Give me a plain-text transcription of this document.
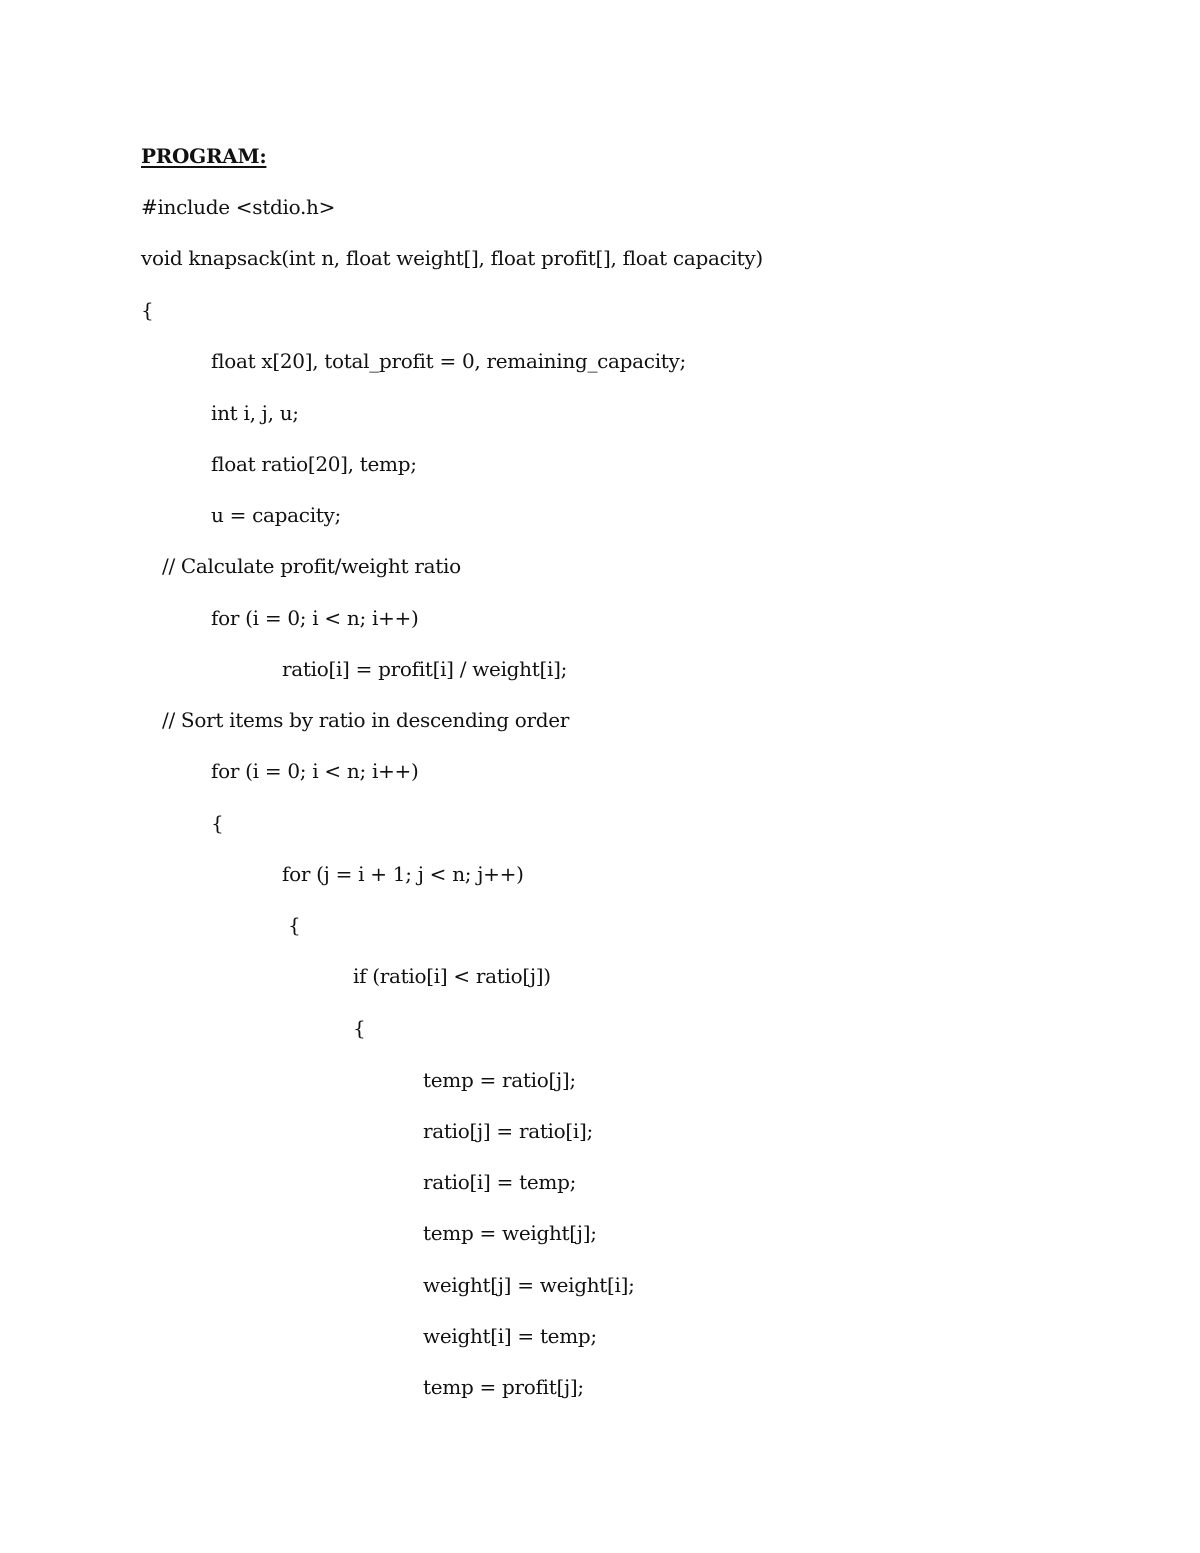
PROGRAM:
#include <stdio.h>
void knapsack(int n, float weight[], float profit[], float capacity)
{
float x[20], total_profit = 0, remaining_capacity;
int i, j, u;
float ratio[20], temp;
u = capacity;
// Calculate profit/weight ratio
for (i = 0; i < n; i++)
ratio[i] = profit[i] / weight[i];
// Sort items by ratio in descending order
for (i = 0; i < n; i++)
{
for (j = i + 1; j < n; j++)
{
if (ratio[i] < ratio[j])
{
temp = ratio[j];
ratio[j] = ratio[i];
ratio[i] = temp;
temp = weight[j];
weight[j] = weight[i];
weight[i] = temp;
temp = profit[j];
